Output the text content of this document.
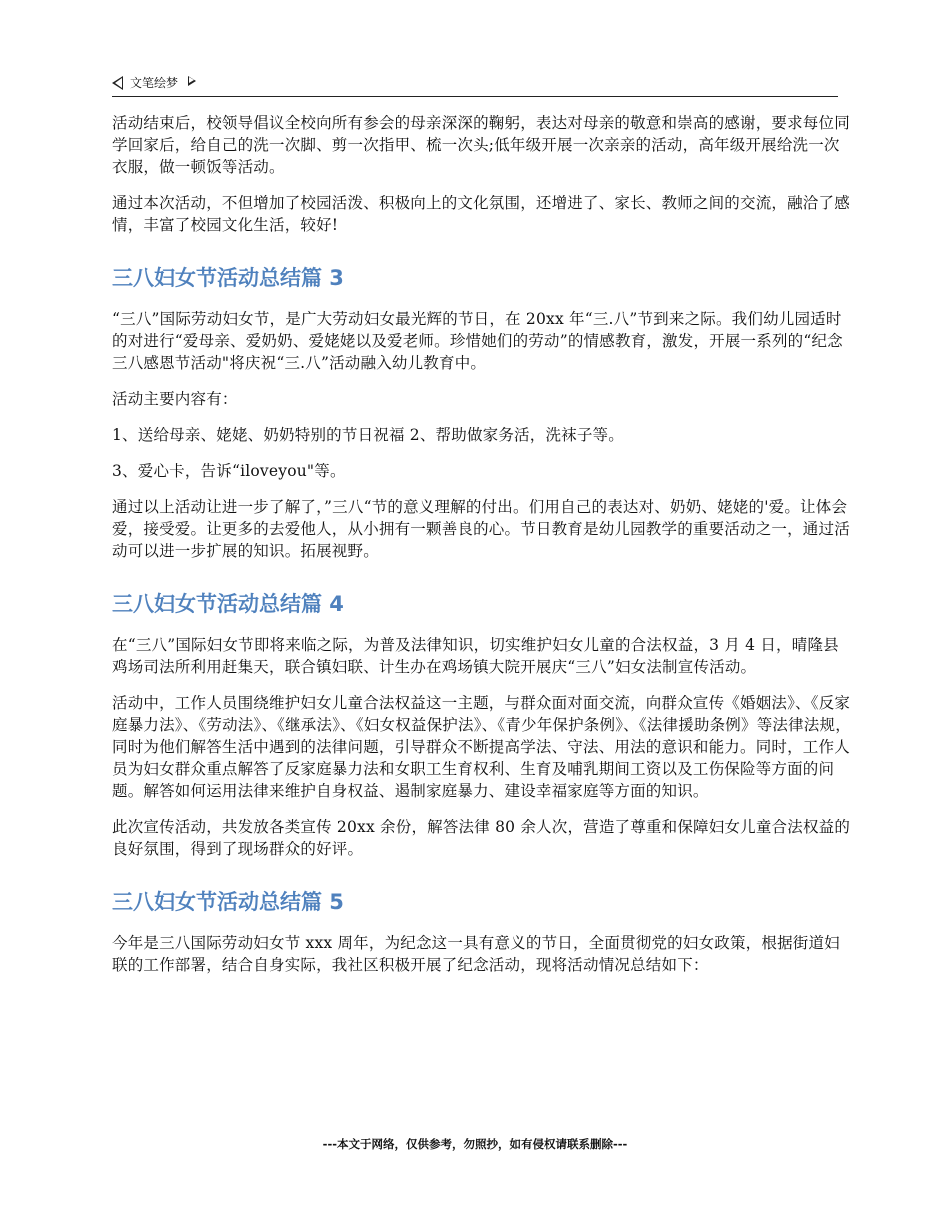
文笔绘梦

活动结束后，校领导倡议全校向所有参会的母亲深深的鞠躬，表达对母亲的敬意和崇高的感谢，要求每位同学回家后，给自己的洗一次脚、剪一次指甲、梳一次头;低年级开展一次亲亲的活动，高年级开展给洗一次衣服，做一顿饭等活动。

通过本次活动，不但增加了校园活泼、积极向上的文化氛围，还增进了、家长、教师之间的交流，融洽了感情，丰富了校园文化生活，较好!

三八妇女节活动总结篇 3

“三八”国际劳动妇女节，是广大劳动妇女最光辉的节日，在 20xx 年“三.八”节到来之际。我们幼儿园适时的对进行“爱母亲、爱奶奶、爱姥姥以及爱老师。珍惜她们的劳动”的情感教育，激发，开展一系列的“纪念三八感恩节活动"将庆祝“三.八”活动融入幼儿教育中。

活动主要内容有：

1、送给母亲、姥姥、奶奶特别的节日祝福 2、帮助做家务活，洗袜子等。

3、爱心卡，告诉“iloveyou"等。

通过以上活动让进一步了解了，”三八“节的意义理解的付出。们用自己的表达对、奶奶、姥姥的'爱。让体会爱，接受爱。让更多的去爱他人，从小拥有一颗善良的心。节日教育是幼儿园教学的重要活动之一，通过活动可以进一步扩展的知识。拓展视野。

三八妇女节活动总结篇 4

在“三八”国际妇女节即将来临之际，为普及法律知识，切实维护妇女儿童的合法权益，3 月 4 日，晴隆县鸡场司法所利用赶集天，联合镇妇联、计生办在鸡场镇大院开展庆“三八”妇女法制宣传活动。

活动中，工作人员围绕维护妇女儿童合法权益这一主题，与群众面对面交流，向群众宣传《婚姻法》、《反家庭暴力法》、《劳动法》、《继承法》、《妇女权益保护法》、《青少年保护条例》、《法律援助条例》等法律法规，同时为他们解答生活中遇到的法律问题，引导群众不断提高学法、守法、用法的意识和能力。同时，工作人员为妇女群众重点解答了反家庭暴力法和女职工生育权利、生育及哺乳期间工资以及工伤保险等方面的问题。解答如何运用法律来维护自身权益、遏制家庭暴力、建设幸福家庭等方面的知识。

此次宣传活动，共发放各类宣传 20xx 余份，解答法律 80 余人次，营造了尊重和保障妇女儿童合法权益的良好氛围，得到了现场群众的好评。

三八妇女节活动总结篇 5

今年是三八国际劳动妇女节 xxx 周年，为纪念这一具有意义的节日，全面贯彻党的妇女政策，根据街道妇联的工作部署，结合自身实际，我社区积极开展了纪念活动，现将活动情况总结如下：

---本文于网络，仅供参考，勿照抄，如有侵权请联系删除---
